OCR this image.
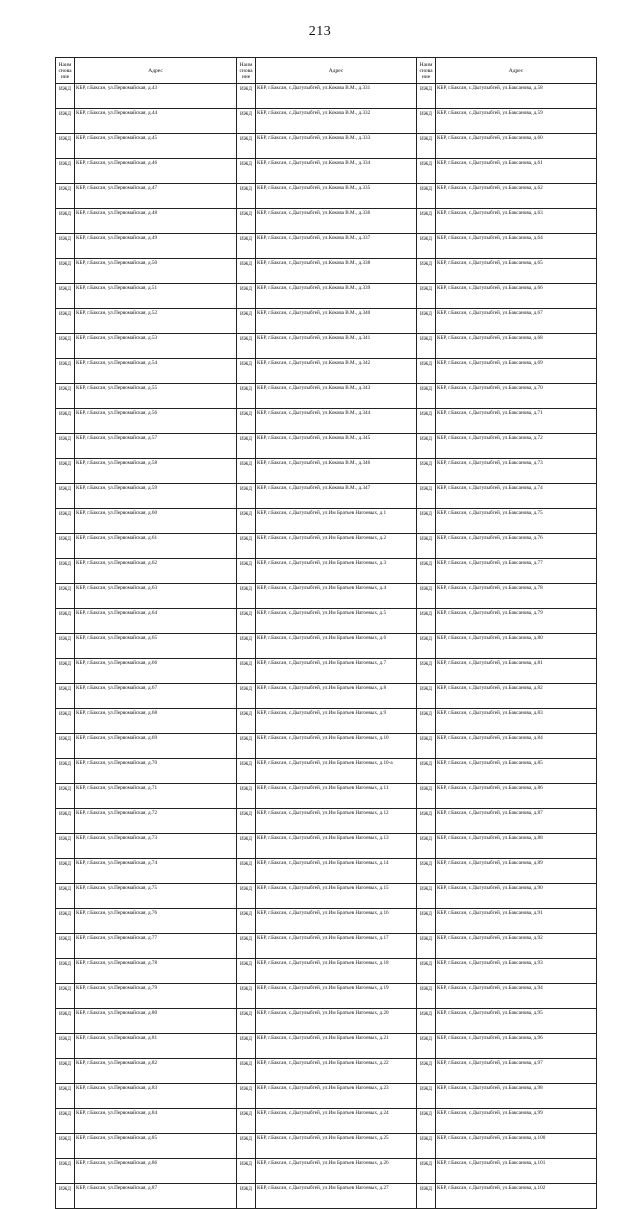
213
Наим снова ние	Адрес	Наим снова ние	Адрес	Наим снова ние	Адрес
ИЖД	КБР, г.Баксан, ул.Первомайская, д.43	ИЖД	КБР, г.Баксан, с.Дыгулыбгей, ул.Кокова В.М., д.331	ИЖД	КБР, г.Баксан, с.Дыгулыбгей, ул.Баксанова, д.58
ИЖД	КБР, г.Баксан, ул.Первомайская, д.44	ИЖД	КБР, г.Баксан, с.Дыгулыбгей, ул.Кокова В.М., д.332	ИЖД	КБР, г.Баксан, с.Дыгулыбгей, ул.Баксанова, д.59
ИЖД	КБР, г.Баксан, ул.Первомайская, д.45	ИЖД	КБР, г.Баксан, с.Дыгулыбгей, ул.Кокова В.М., д.333	ИЖД	КБР, г.Баксан, с.Дыгулыбгей, ул.Баксанова, д.60
ИЖД	КБР, г.Баксан, ул.Первомайская, д.46	ИЖД	КБР, г.Баксан, с.Дыгулыбгей, ул.Кокова В.М., д.334	ИЖД	КБР, г.Баксан, с.Дыгулыбгей, ул.Баксанова, д.61
ИЖД	КБР, г.Баксан, ул.Первомайская, д.47	ИЖД	КБР, г.Баксан, с.Дыгулыбгей, ул.Кокова В.М., д.335	ИЖД	КБР, г.Баксан, с.Дыгулыбгей, ул.Баксанова, д.62
ИЖД	КБР, г.Баксан, ул.Первомайская, д.48	ИЖД	КБР, г.Баксан, с.Дыгулыбгей, ул.Кокова В.М., д.336	ИЖД	КБР, г.Баксан, с.Дыгулыбгей, ул.Баксанова, д.63
ИЖД	КБР, г.Баксан, ул.Первомайская, д.49	ИЖД	КБР, г.Баксан, с.Дыгулыбгей, ул.Кокова В.М., д.337	ИЖД	КБР, г.Баксан, с.Дыгулыбгей, ул.Баксанова, д.64
ИЖД	КБР, г.Баксан, ул.Первомайская, д.50	ИЖД	КБР, г.Баксан, с.Дыгулыбгей, ул.Кокова В.М., д.338	ИЖД	КБР, г.Баксан, с.Дыгулыбгей, ул.Баксанова, д.65
ИЖД	КБР, г.Баксан, ул.Первомайская, д.51	ИЖД	КБР, г.Баксан, с.Дыгулыбгей, ул.Кокова В.М., д.339	ИЖД	КБР, г.Баксан, с.Дыгулыбгей, ул.Баксанова, д.66
ИЖД	КБР, г.Баксан, ул.Первомайская, д.52	ИЖД	КБР, г.Баксан, с.Дыгулыбгей, ул.Кокова В.М., д.340	ИЖД	КБР, г.Баксан, с.Дыгулыбгей, ул.Баксанова, д.67
ИЖД	КБР, г.Баксан, ул.Первомайская, д.53	ИЖД	КБР, г.Баксан, с.Дыгулыбгей, ул.Кокова В.М., д.341	ИЖД	КБР, г.Баксан, с.Дыгулыбгей, ул.Баксанова, д.68
ИЖД	КБР, г.Баксан, ул.Первомайская, д.54	ИЖД	КБР, г.Баксан, с.Дыгулыбгей, ул.Кокова В.М., д.342	ИЖД	КБР, г.Баксан, с.Дыгулыбгей, ул.Баксанова, д.69
ИЖД	КБР, г.Баксан, ул.Первомайская, д.55	ИЖД	КБР, г.Баксан, с.Дыгулыбгей, ул.Кокова В.М., д.343	ИЖД	КБР, г.Баксан, с.Дыгулыбгей, ул.Баксанова, д.70
ИЖД	КБР, г.Баксан, ул.Первомайская, д.56	ИЖД	КБР, г.Баксан, с.Дыгулыбгей, ул.Кокова В.М., д.344	ИЖД	КБР, г.Баксан, с.Дыгулыбгей, ул.Баксанова, д.71
ИЖД	КБР, г.Баксан, ул.Первомайская, д.57	ИЖД	КБР, г.Баксан, с.Дыгулыбгей, ул.Кокова В.М., д.345	ИЖД	КБР, г.Баксан, с.Дыгулыбгей, ул.Баксанова, д.72
ИЖД	КБР, г.Баксан, ул.Первомайская, д.58	ИЖД	КБР, г.Баксан, с.Дыгулыбгей, ул.Кокова В.М., д.346	ИЖД	КБР, г.Баксан, с.Дыгулыбгей, ул.Баксанова, д.73
ИЖД	КБР, г.Баксан, ул.Первомайская, д.59	ИЖД	КБР, г.Баксан, с.Дыгулыбгей, ул.Кокова В.М., д.347	ИЖД	КБР, г.Баксан, с.Дыгулыбгей, ул.Баксанова, д.74
ИЖД	КБР, г.Баксан, ул.Первомайская, д.60	ИЖД	КБР, г.Баксан, с.Дыгулыбгей, ул.Им Братьев Нагоевых, д.1	ИЖД	КБР, г.Баксан, с.Дыгулыбгей, ул.Баксанова, д.75
ИЖД	КБР, г.Баксан, ул.Первомайская, д.61	ИЖД	КБР, г.Баксан, с.Дыгулыбгей, ул.Им Братьев Нагоевых, д.2	ИЖД	КБР, г.Баксан, с.Дыгулыбгей, ул.Баксанова, д.76
ИЖД	КБР, г.Баксан, ул.Первомайская, д.62	ИЖД	КБР, г.Баксан, с.Дыгулыбгей, ул.Им Братьев Нагоевых, д.3	ИЖД	КБР, г.Баксан, с.Дыгулыбгей, ул.Баксанова, д.77
ИЖД	КБР, г.Баксан, ул.Первомайская, д.63	ИЖД	КБР, г.Баксан, с.Дыгулыбгей, ул.Им Братьев Нагоевых, д.4	ИЖД	КБР, г.Баксан, с.Дыгулыбгей, ул.Баксанова, д.78
ИЖД	КБР, г.Баксан, ул.Первомайская, д.64	ИЖД	КБР, г.Баксан, с.Дыгулыбгей, ул.Им Братьев Нагоевых, д.5	ИЖД	КБР, г.Баксан, с.Дыгулыбгей, ул.Баксанова, д.79
ИЖД	КБР, г.Баксан, ул.Первомайская, д.65	ИЖД	КБР, г.Баксан, с.Дыгулыбгей, ул.Им Братьев Нагоевых, д.6	ИЖД	КБР, г.Баксан, с.Дыгулыбгей, ул.Баксанова, д.80
ИЖД	КБР, г.Баксан, ул.Первомайская, д.66	ИЖД	КБР, г.Баксан, с.Дыгулыбгей, ул.Им Братьев Нагоевых, д.7	ИЖД	КБР, г.Баксан, с.Дыгулыбгей, ул.Баксанова, д.81
ИЖД	КБР, г.Баксан, ул.Первомайская, д.67	ИЖД	КБР, г.Баксан, с.Дыгулыбгей, ул.Им Братьев Нагоевых, д.8	ИЖД	КБР, г.Баксан, с.Дыгулыбгей, ул.Баксанова, д.82
ИЖД	КБР, г.Баксан, ул.Первомайская, д.68	ИЖД	КБР, г.Баксан, с.Дыгулыбгей, ул.Им Братьев Нагоевых, д.9	ИЖД	КБР, г.Баксан, с.Дыгулыбгей, ул.Баксанова, д.83
ИЖД	КБР, г.Баксан, ул.Первомайская, д.69	ИЖД	КБР, г.Баксан, с.Дыгулыбгей, ул.Им Братьев Нагоевых, д.10	ИЖД	КБР, г.Баксан, с.Дыгулыбгей, ул.Баксанова, д.84
ИЖД	КБР, г.Баксан, ул.Первомайская, д.70	ИЖД	КБР, г.Баксан, с.Дыгулыбгей, ул.Им Братьев Нагоевых, д.10-а	ИЖД	КБР, г.Баксан, с.Дыгулыбгей, ул.Баксанова, д.85
ИЖД	КБР, г.Баксан, ул.Первомайская, д.71	ИЖД	КБР, г.Баксан, с.Дыгулыбгей, ул.Им Братьев Нагоевых, д.11	ИЖД	КБР, г.Баксан, с.Дыгулыбгей, ул.Баксанова, д.86
ИЖД	КБР, г.Баксан, ул.Первомайская, д.72	ИЖД	КБР, г.Баксан, с.Дыгулыбгей, ул.Им Братьев Нагоевых, д.12	ИЖД	КБР, г.Баксан, с.Дыгулыбгей, ул.Баксанова, д.87
ИЖД	КБР, г.Баксан, ул.Первомайская, д.73	ИЖД	КБР, г.Баксан, с.Дыгулыбгей, ул.Им Братьев Нагоевых, д.13	ИЖД	КБР, г.Баксан, с.Дыгулыбгей, ул.Баксанова, д.88
ИЖД	КБР, г.Баксан, ул.Первомайская, д.74	ИЖД	КБР, г.Баксан, с.Дыгулыбгей, ул.Им Братьев Нагоевых, д.14	ИЖД	КБР, г.Баксан, с.Дыгулыбгей, ул.Баксанова, д.89
ИЖД	КБР, г.Баксан, ул.Первомайская, д.75	ИЖД	КБР, г.Баксан, с.Дыгулыбгей, ул.Им Братьев Нагоевых, д.15	ИЖД	КБР, г.Баксан, с.Дыгулыбгей, ул.Баксанова, д.90
ИЖД	КБР, г.Баксан, ул.Первомайская, д.76	ИЖД	КБР, г.Баксан, с.Дыгулыбгей, ул.Им Братьев Нагоевых, д.16	ИЖД	КБР, г.Баксан, с.Дыгулыбгей, ул.Баксанова, д.91
ИЖД	КБР, г.Баксан, ул.Первомайская, д.77	ИЖД	КБР, г.Баксан, с.Дыгулыбгей, ул.Им Братьев Нагоевых, д.17	ИЖД	КБР, г.Баксан, с.Дыгулыбгей, ул.Баксанова, д.92
ИЖД	КБР, г.Баксан, ул.Первомайская, д.78	ИЖД	КБР, г.Баксан, с.Дыгулыбгей, ул.Им Братьев Нагоевых, д.18	ИЖД	КБР, г.Баксан, с.Дыгулыбгей, ул.Баксанова, д.93
ИЖД	КБР, г.Баксан, ул.Первомайская, д.79	ИЖД	КБР, г.Баксан, с.Дыгулыбгей, ул.Им Братьев Нагоевых, д.19	ИЖД	КБР, г.Баксан, с.Дыгулыбгей, ул.Баксанова, д.94
ИЖД	КБР, г.Баксан, ул.Первомайская, д.80	ИЖД	КБР, г.Баксан, с.Дыгулыбгей, ул.Им Братьев Нагоевых, д.20	ИЖД	КБР, г.Баксан, с.Дыгулыбгей, ул.Баксанова, д.95
ИЖД	КБР, г.Баксан, ул.Первомайская, д.81	ИЖД	КБР, г.Баксан, с.Дыгулыбгей, ул.Им Братьев Нагоевых, д.21	ИЖД	КБР, г.Баксан, с.Дыгулыбгей, ул.Баксанова, д.96
ИЖД	КБР, г.Баксан, ул.Первомайская, д.82	ИЖД	КБР, г.Баксан, с.Дыгулыбгей, ул.Им Братьев Нагоевых, д.22	ИЖД	КБР, г.Баксан, с.Дыгулыбгей, ул.Баксанова, д.97
ИЖД	КБР, г.Баксан, ул.Первомайская, д.83	ИЖД	КБР, г.Баксан, с.Дыгулыбгей, ул.Им Братьев Нагоевых, д.23	ИЖД	КБР, г.Баксан, с.Дыгулыбгей, ул.Баксанова, д.98
ИЖД	КБР, г.Баксан, ул.Первомайская, д.84	ИЖД	КБР, г.Баксан, с.Дыгулыбгей, ул.Им Братьев Нагоевых, д.24	ИЖД	КБР, г.Баксан, с.Дыгулыбгей, ул.Баксанова, д.99
ИЖД	КБР, г.Баксан, ул.Первомайская, д.85	ИЖД	КБР, г.Баксан, с.Дыгулыбгей, ул.Им Братьев Нагоевых, д.25	ИЖД	КБР, г.Баксан, с.Дыгулыбгей, ул.Баксанова, д.100
ИЖД	КБР, г.Баксан, ул.Первомайская, д.86	ИЖД	КБР, г.Баксан, с.Дыгулыбгей, ул.Им Братьев Нагоевых, д.26	ИЖД	КБР, г.Баксан, с.Дыгулыбгей, ул.Баксанова, д.101
ИЖД	КБР, г.Баксан, ул.Первомайская, д.87	ИЖД	КБР, г.Баксан, с.Дыгулыбгей, ул.Им Братьев Нагоевых, д.27	ИЖД	КБР, г.Баксан, с.Дыгулыбгей, ул.Баксанова, д.102
